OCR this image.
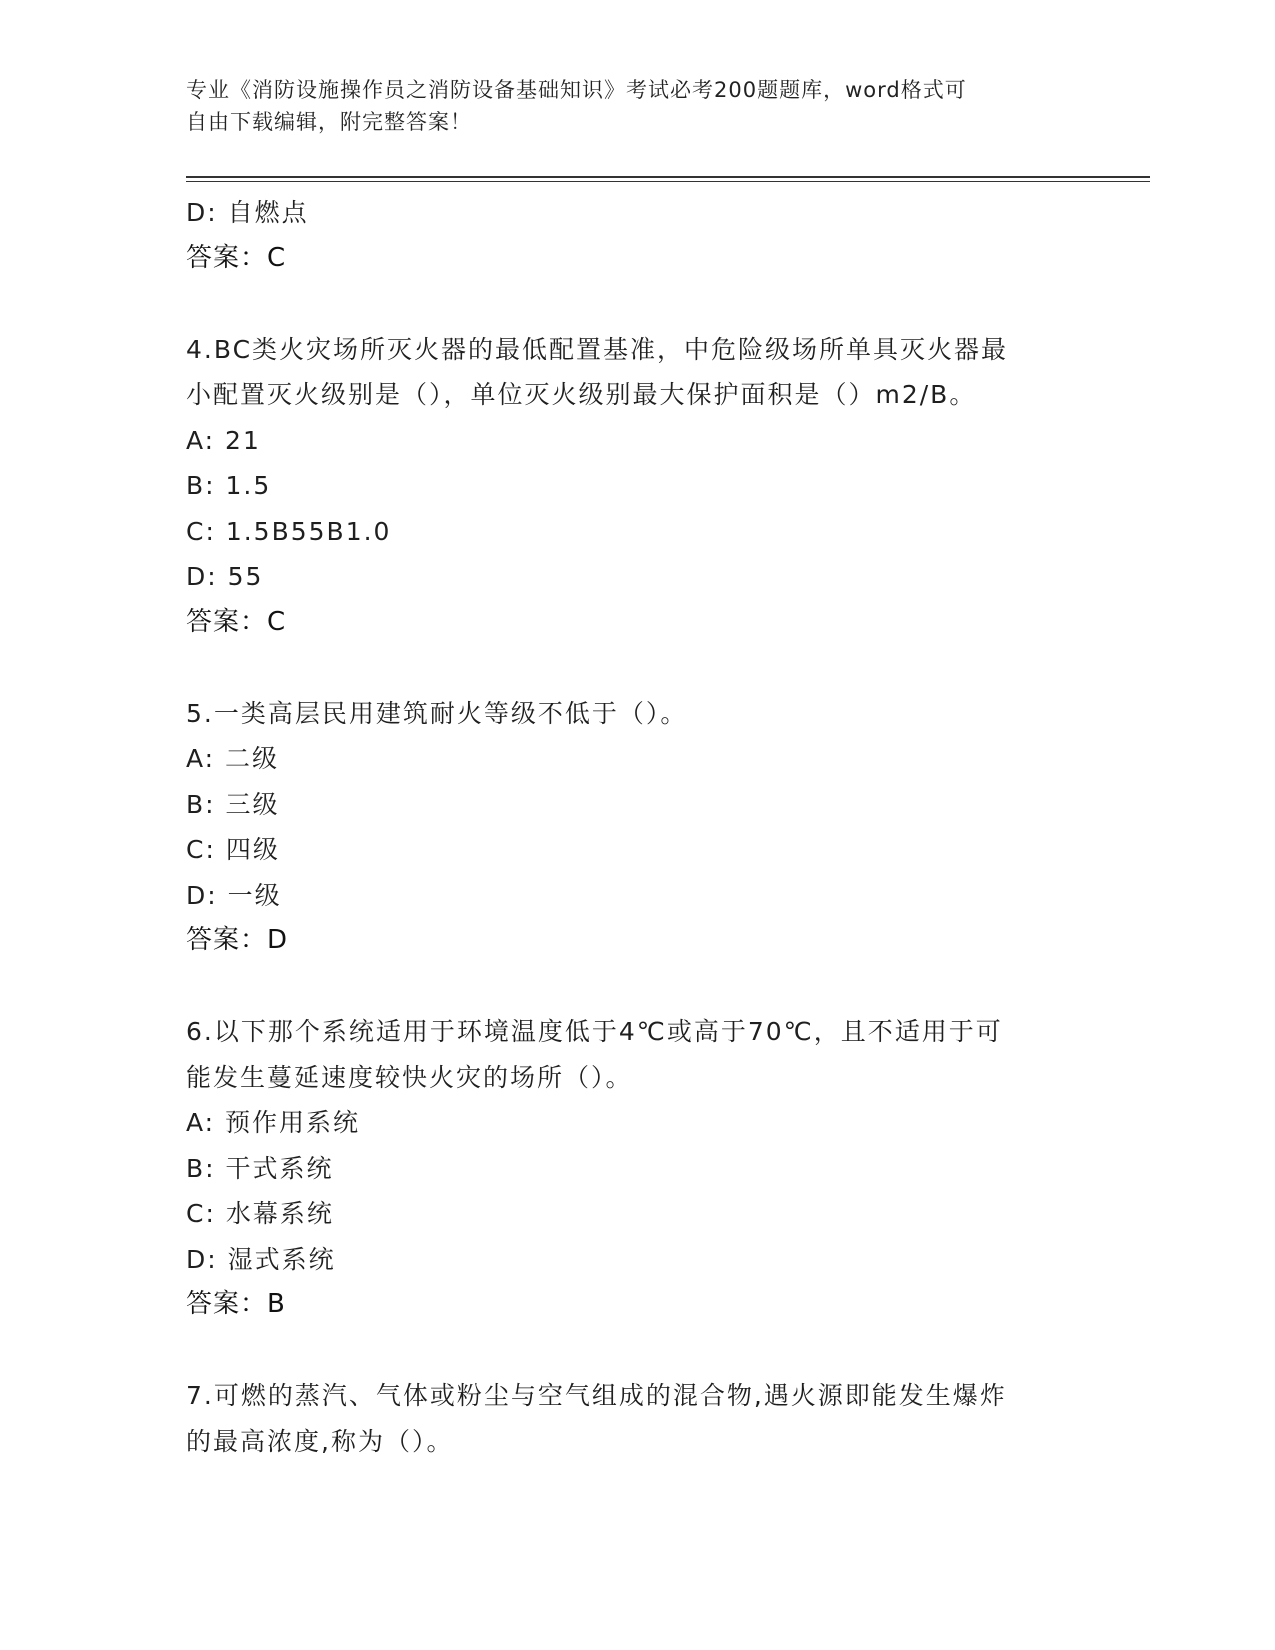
专业《消防设施操作员之消防设备基础知识》考试必考200题题库，word格式可
自由下载编辑，附完整答案！
D: 自燃点
答案：C
4.BC类火灾场所灭火器的最低配置基准，中危险级场所单具灭火器最
小配置灭火级别是（），单位灭火级别最大保护面积是（）m2/B。
A: 21
B: 1.5
C: 1.5B55B1.0
D: 55
答案：C
5.一类高层民用建筑耐火等级不低于（）。
A: 二级
B: 三级
C: 四级
D: 一级
答案：D
6.以下那个系统适用于环境温度低于4℃或高于70℃，且不适用于可
能发生蔓延速度较快火灾的场所（）。
A: 预作用系统
B: 干式系统
C: 水幕系统
D: 湿式系统
答案：B
7.可燃的蒸汽、气体或粉尘与空气组成的混合物,遇火源即能发生爆炸
的最高浓度,称为（）。
